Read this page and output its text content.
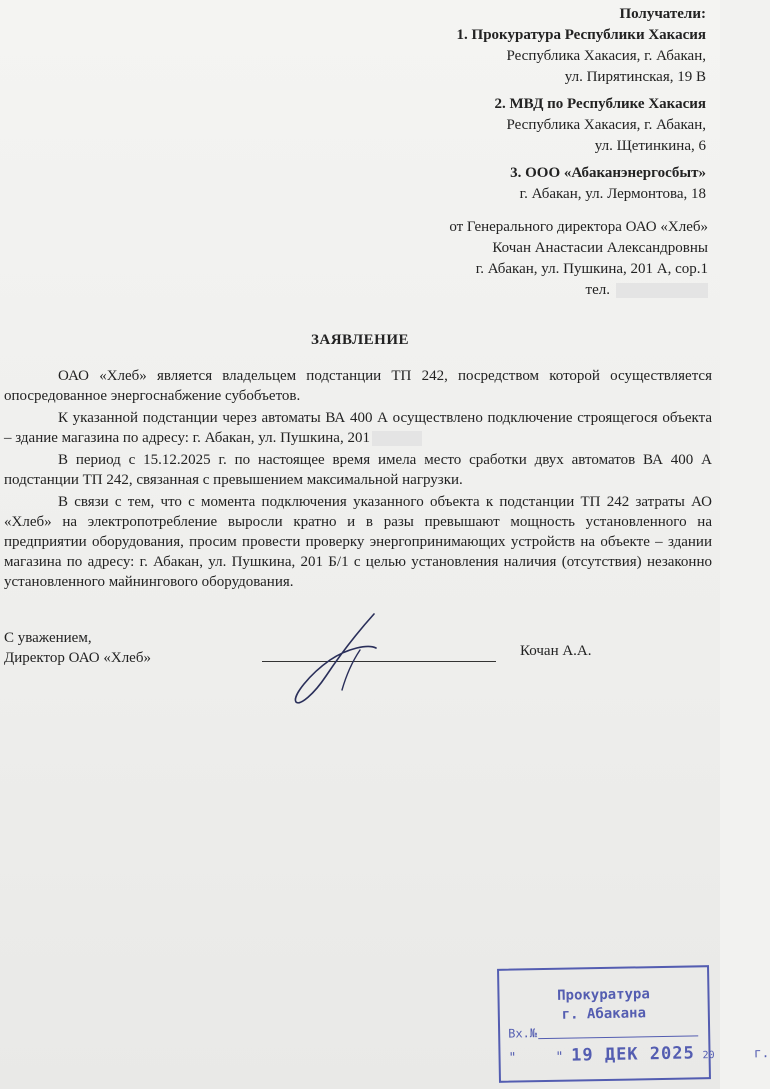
Получатели:
1. Прокуратура Республики Хакасия
Республика Хакасия, г. Абакан,
ул. Пирятинская, 19 В
2. МВД по Республике Хакасия
Республика Хакасия, г. Абакан,
ул. Щетинкина, 6
3. ООО «Абаканэнергосбыт»
г. Абакан, ул. Лермонтова, 18
от Генерального директора ОАО «Хлеб»
Кочан Анастасии Александровны
г. Абакан, ул. Пушкина, 201 А, сор.1
тел.
ЗАЯВЛЕНИЕ

ОАО «Хлеб» является владельцем подстанции ТП 242, посредством которой осуществляется опосредованное энергоснабжение субобъетов.

К указанной подстанции через автоматы ВА 400 А осуществлено подключение строящегося объекта – здание магазина по адресу: г. Абакан, ул. Пушкина, 201

В период с 15.12.2025 г. по настоящее время имела место сработки двух автоматов ВА 400 А подстанции ТП 242, связанная с превышением максимальной нагрузки.

В связи с тем, что с момента подключения указанного объекта к подстанции ТП 242 затраты АО «Хлеб» на электропотребление выросли кратно и в разы превышают мощность установленного на предприятии оборудования, просим провести проверку энергопринимающих устройств на объекте – здании магазина по адресу: г. Абакан, ул. Пушкина, 201 Б/1 с целью установления наличия (отсутствия) незаконно установленного майнингового оборудования.

С уважением,
Директор ОАО «Хлеб»	Кочан А.А.
Прокуратура
г. Абакана
Вх.№
"	" 19 ДЕК 2025 20	г.
